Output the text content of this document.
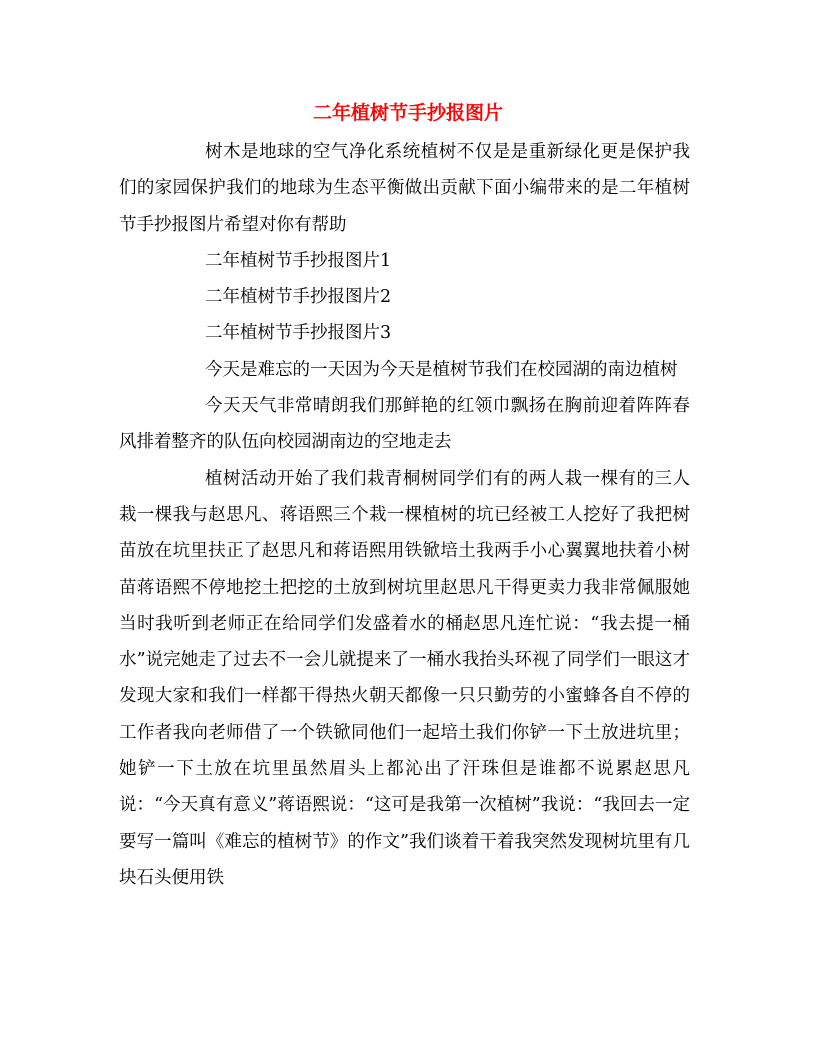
二年植树节手抄报图片

树木是地球的空气净化系统植树不仅是是重新绿化更是保护我们的家园保护我们的地球为生态平衡做出贡献下面小编带来的是二年植树节手抄报图片希望对你有帮助

二年植树节手抄报图片1

二年植树节手抄报图片2

二年植树节手抄报图片3

今天是难忘的一天因为今天是植树节我们在校园湖的南边植树

今天天气非常晴朗我们那鲜艳的红领巾飘扬在胸前迎着阵阵春风排着整齐的队伍向校园湖南边的空地走去

植树活动开始了我们栽青桐树同学们有的两人栽一棵有的三人栽一棵我与赵思凡、蒋语熙三个栽一棵植树的坑已经被工人挖好了我把树苗放在坑里扶正了赵思凡和蒋语熙用铁锨培土我两手小心翼翼地扶着小树苗蒋语熙不停地挖土把挖的土放到树坑里赵思凡干得更卖力我非常佩服她当时我听到老师正在给同学们发盛着水的桶赵思凡连忙说：“我去提一桶水”说完她走了过去不一会儿就提来了一桶水我抬头环视了同学们一眼这才发现大家和我们一样都干得热火朝天都像一只只勤劳的小蜜蜂各自不停的工作者我向老师借了一个铁锨同他们一起培土我们你铲一下土放进坑里；她铲一下土放在坑里虽然眉头上都沁出了汗珠但是谁都不说累赵思凡说：“今天真有意义”蒋语熙说：“这可是我第一次植树”我说：“我回去一定要写一篇叫《难忘的植树节》的作文”我们谈着干着我突然发现树坑里有几块石头便用铁
